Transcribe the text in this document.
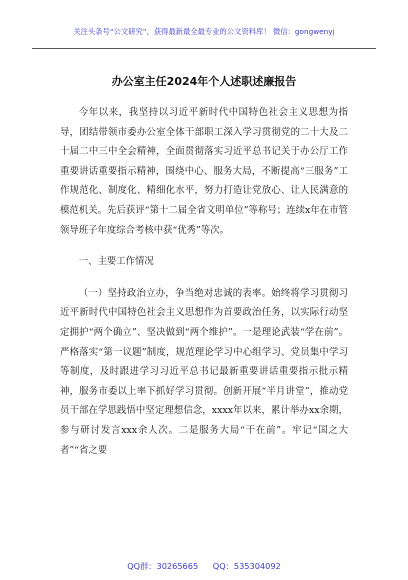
关注头条号“公文研究”，获得最新最全最专业的公文资料库！ 微信：gongwenyj
办公室主任2024年个人述职述廉报告

今年以来，我坚持以习近平新时代中国特色社会主义思想为指导，团结带领市委办公室全体干部职工深入学习贯彻党的二十大及二十届二中三中全会精神，全面贯彻落实习近平总书记关于办公厅工作重要讲话重要指示精神，围绕中心、服务大局，不断提高“三服务”工作规范化、制度化、精细化水平，努力打造让党放心、让人民满意的模范机关。先后获评“第十二届全省文明单位”等称号；连续x年在市管领导班子年度综合考核中获“优秀”等次。

一、主要工作情况

（一）坚持政治立办，争当绝对忠诚的表率。始终将学习贯彻习近平新时代中国特色社会主义思想作为首要政治任务，以实际行动坚定拥护“两个确立”、坚决做到“两个维护”。一是理论武装“学在前”。严格落实“第一议题”制度，规范理论学习中心组学习、党员集中学习等制度，及时跟进学习习近平总书记最新重要讲话重要指示批示精神，服务市委以上率下抓好学习贯彻。创新开展“半月讲堂”，推动党员干部在学思践悟中坚定理想信念，xxxx年以来，累计举办xx余期，参与研讨发言xxx余人次。二是服务大局“干在前”。牢记“国之大者”“省之要

QQ群：30265665 QQ：535304092
